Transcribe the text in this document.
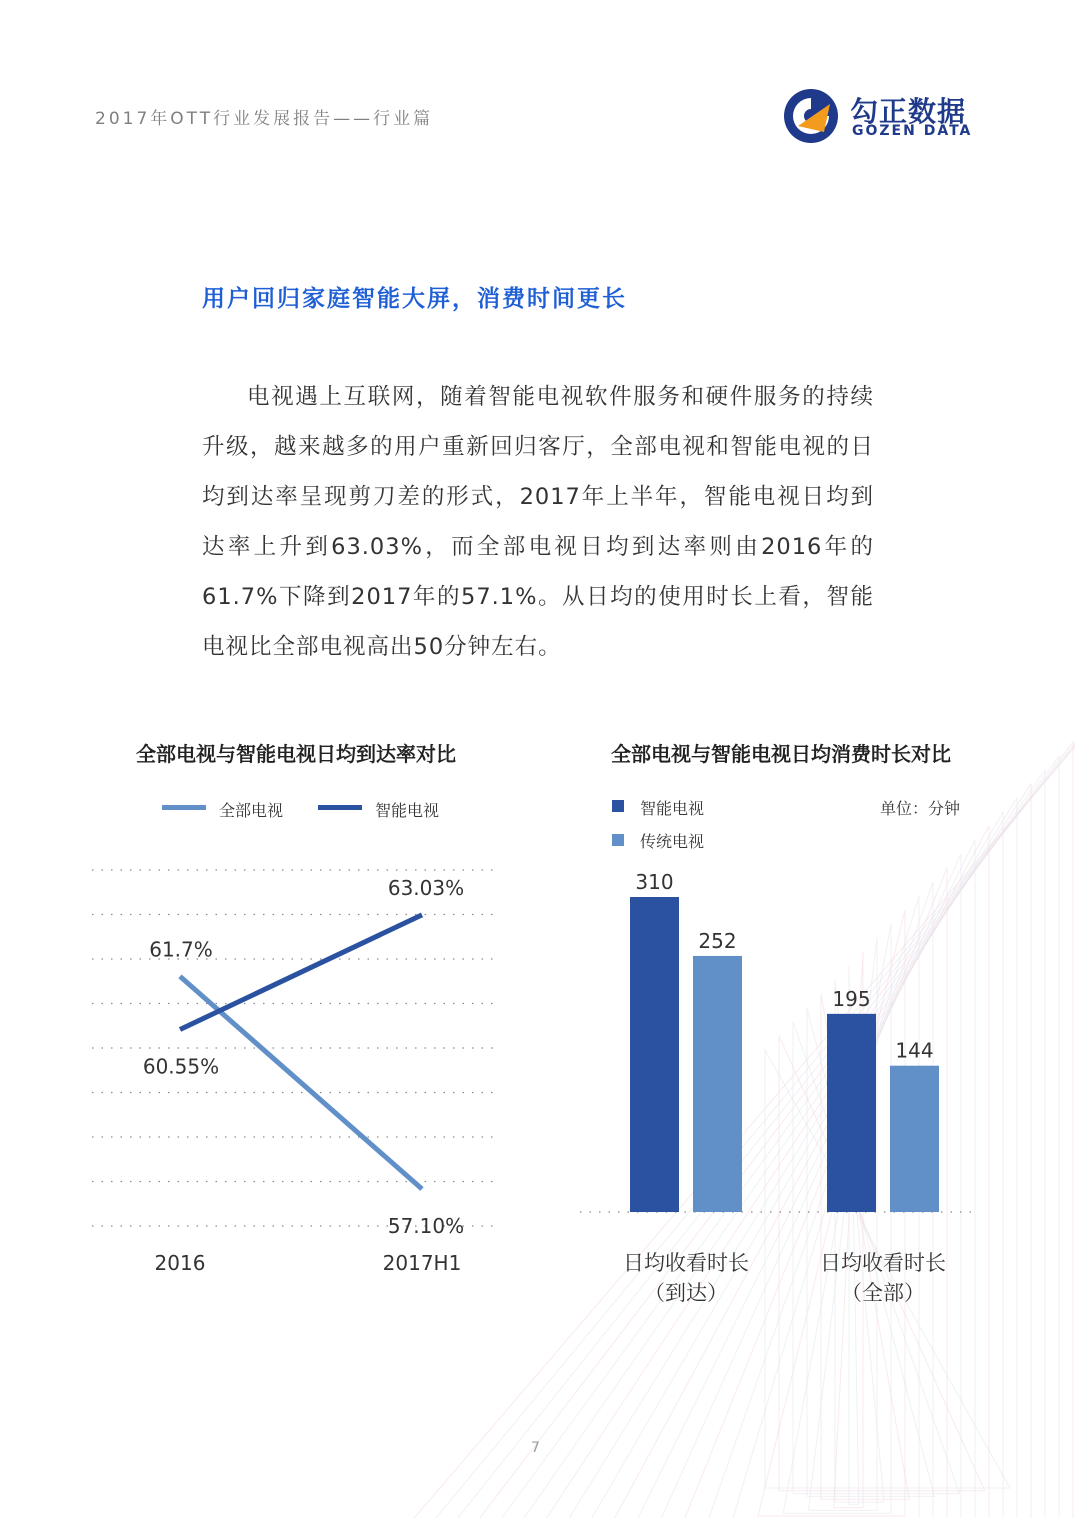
2017年OTT行业发展报告——行业篇	勾正数据
GOZEN DATA
用户回归家庭智能大屏，消费时间更长
电视遇上互联网，随着智能电视软件服务和硬件服务的持续升级，越来越多的用户重新回归客厅，全部电视和智能电视的日均到达率呈现剪刀差的形式，2017年上半年，智能电视日均到达率上升到63.03%，而全部电视日均到达率则由2016年的61.7%下降到2017年的57.1%。从日均的使用时长上看，智能电视比全部电视高出50分钟左右。
全部电视与智能电视日均到达率对比
全部电视	智能电视
61.7%
57.10%
60.55%
63.03%
2016	2017H1
全部电视与智能电视日均消费时长对比
智能电视
传统电视
单位：分钟
310
252
日均收看时长
（到达）
195
144
日均收看时长
（全部）
7
